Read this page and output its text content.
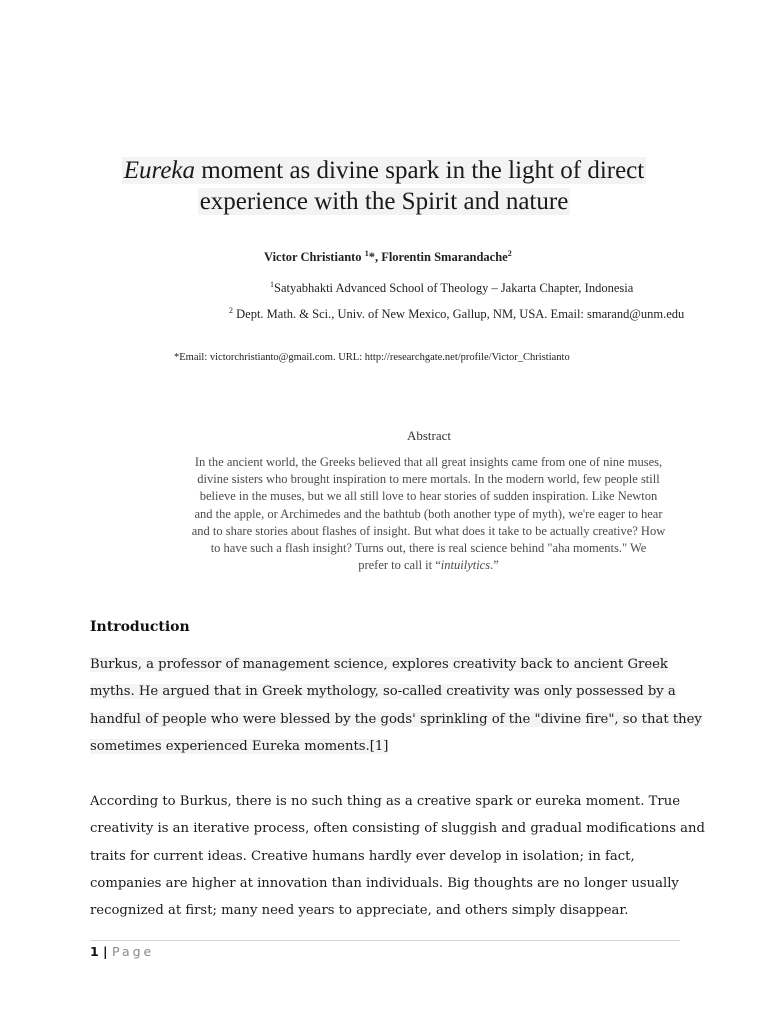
Eureka moment as divine spark in the light of direct
experience with the Spirit and nature
Victor Christianto $^1$*, Florentin Smarandache$^2$
$^1$Satyabhakti Advanced School of Theology – Jakarta Chapter, Indonesia
$^2$ Dept. Math. & Sci., Univ. of New Mexico, Gallup, NM, USA. Email: smarand@unm.edu
*Email: victorchristianto@gmail.com. URL: http://researchgate.net/profile/Victor_Christianto
Abstract
In the ancient world, the Greeks believed that all great insights came from one of nine muses,
divine sisters who brought inspiration to mere mortals. In the modern world, few people still
believe in the muses, but we all still love to hear stories of sudden inspiration. Like Newton
and the apple, or Archimedes and the bathtub (both another type of myth), we're eager to hear
and to share stories about flashes of insight. But what does it take to be actually creative? How
to have such a flash insight? Turns out, there is real science behind "aha moments." We
prefer to call it “intuilytics.”
Introduction
Burkus, a professor of management science, explores creativity back to ancient Greek
myths. He argued that in Greek mythology, so-called creativity was only possessed by a
handful of people who were blessed by the gods' sprinkling of the "divine fire", so that they
sometimes experienced Eureka moments.[1]
According to Burkus, there is no such thing as a creative spark or eureka moment. True
creativity is an iterative process, often consisting of sluggish and gradual modifications and
traits for current ideas. Creative humans hardly ever develop in isolation; in fact,
companies are higher at innovation than individuals. Big thoughts are no longer usually
recognized at first; many need years to appreciate, and others simply disappear.
1 | Page
